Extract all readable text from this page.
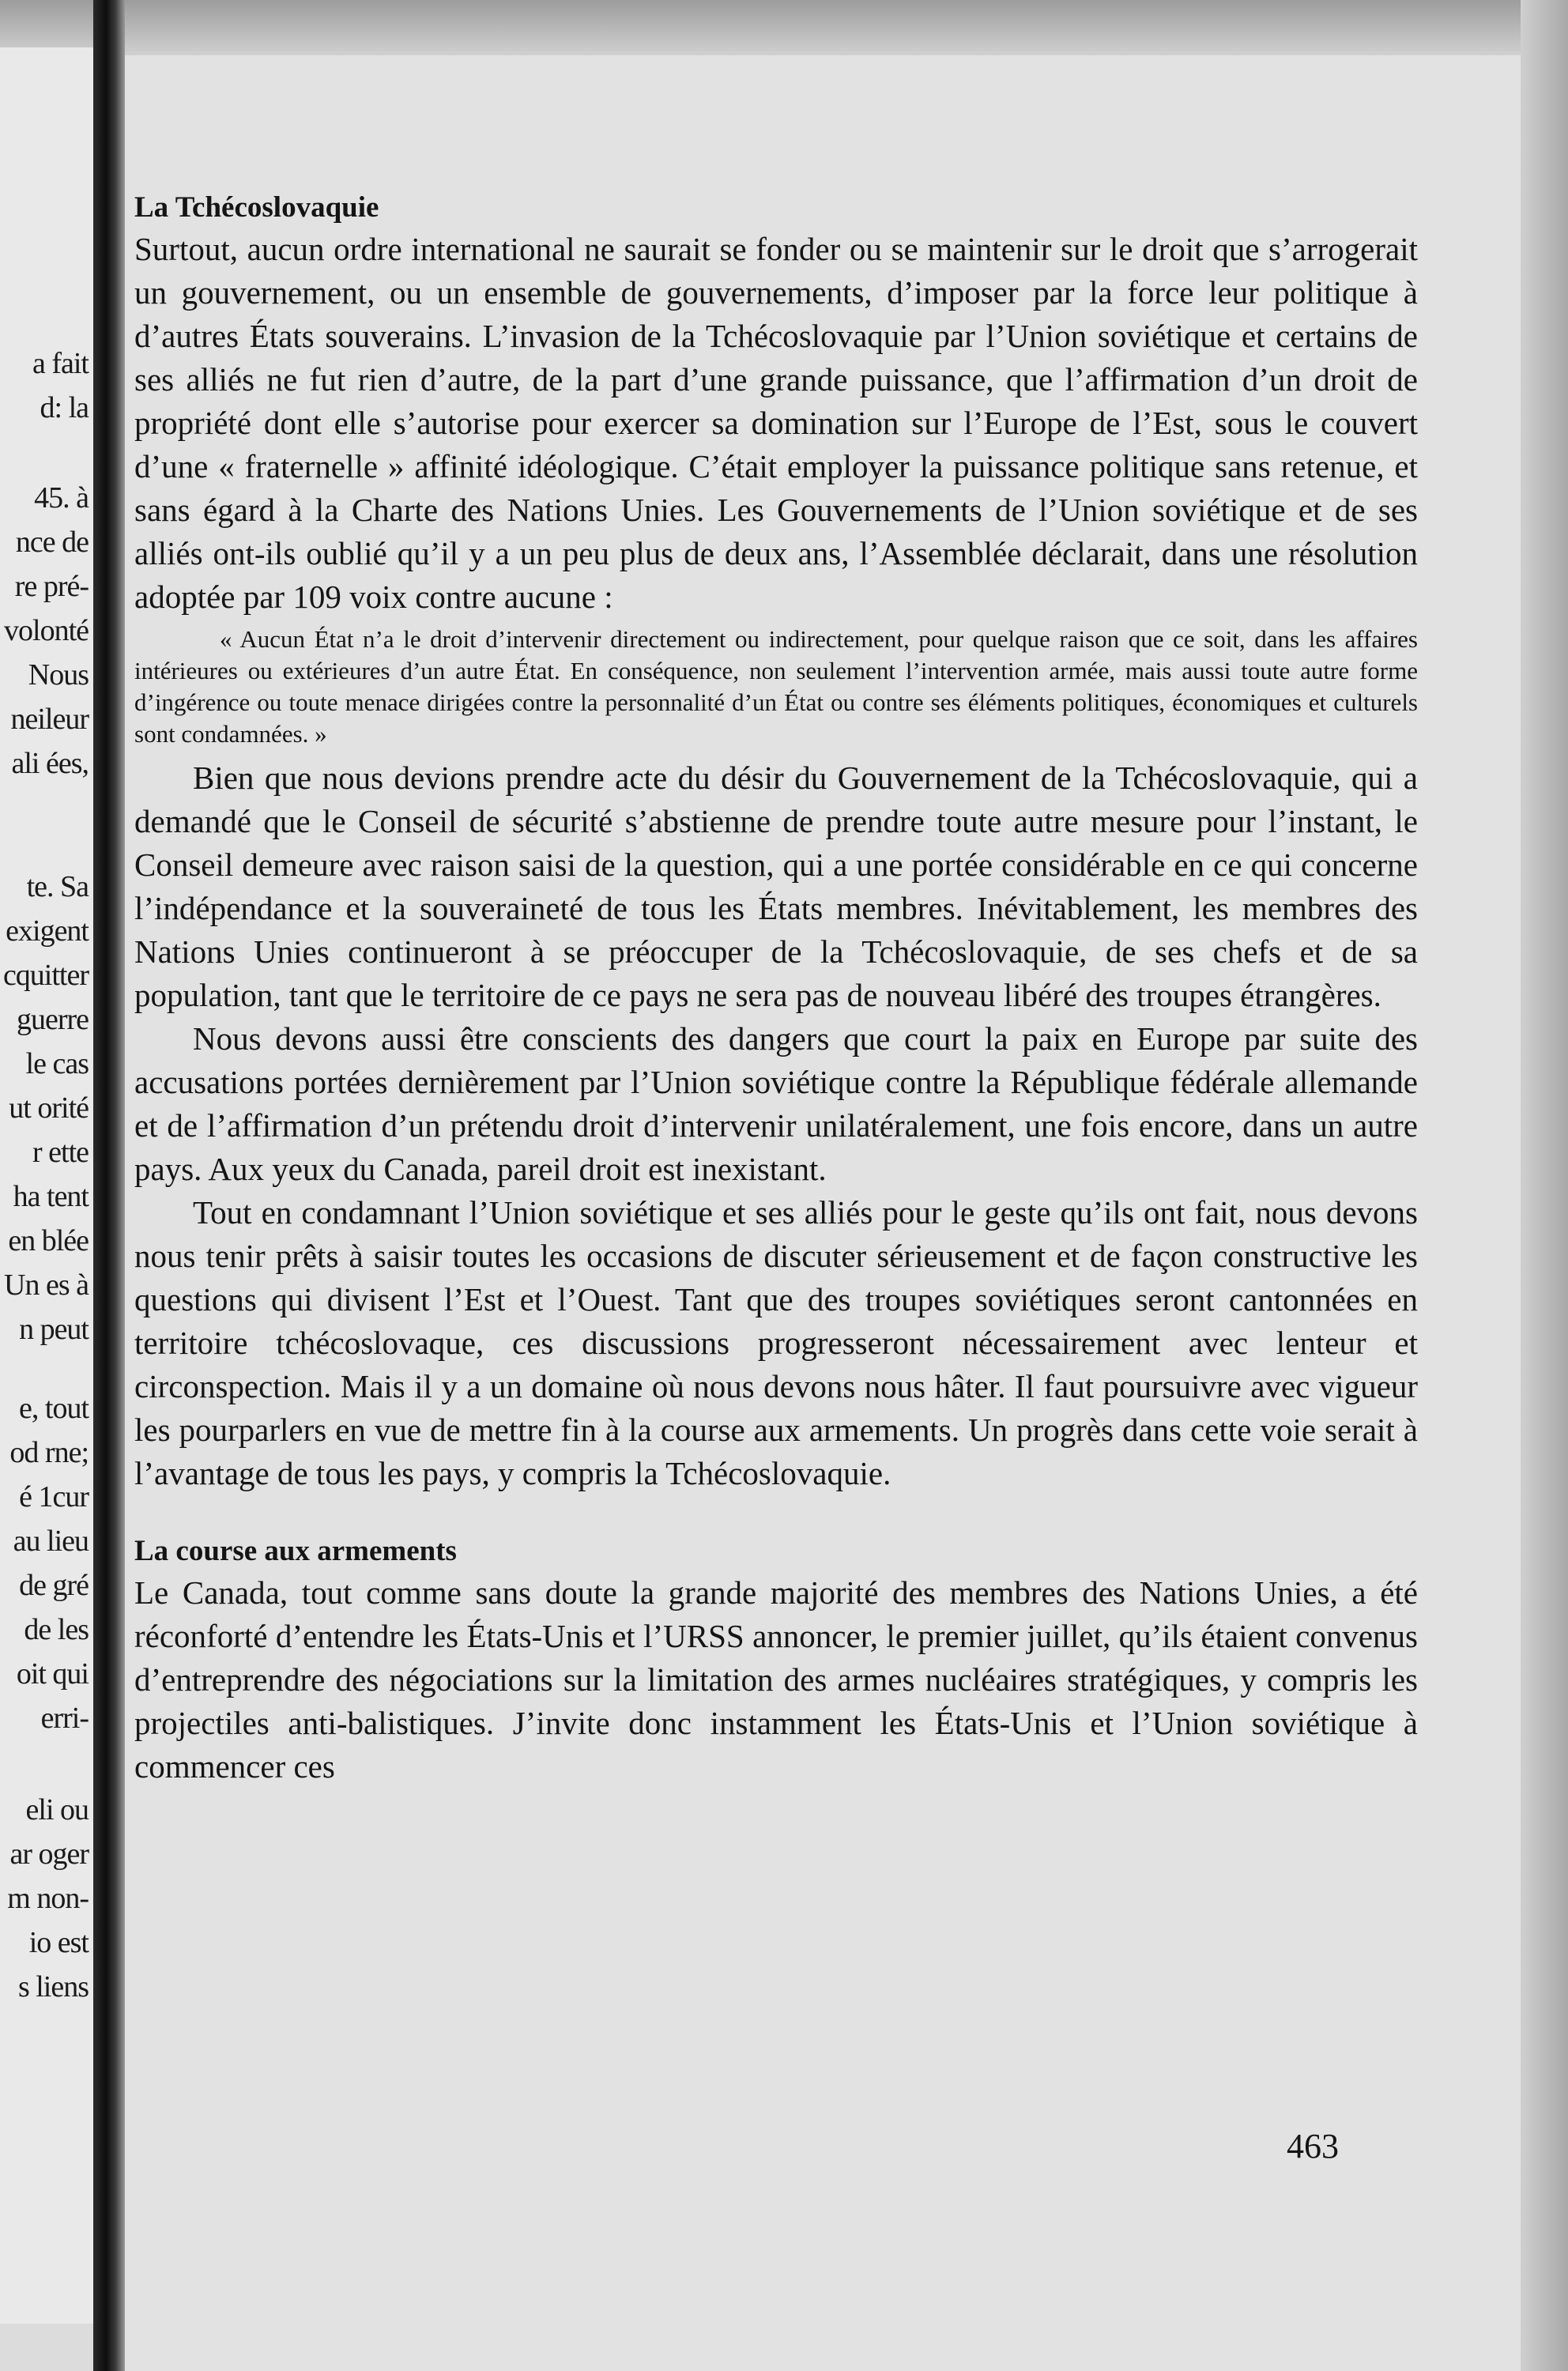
a fait
d: la
45. à
nce de
re pré-
volonté
Nous
neileur
ali ées,
te. Sa
exigent
cquitter
guerre
le cas
ut orité
r ette
ha tent
en blée
Un es à
n peut
e, tout
od rne;
é 1cur
au lieu
de gré
de les
oit qui
erri-
eli ou
ar oger
m non-
io est
s liens

La Tchécoslovaquie

Surtout, aucun ordre international ne saurait se fonder ou se maintenir sur le droit que s’arrogerait un gouvernement, ou un ensemble de gouvernements, d’imposer par la force leur politique à d’autres États souverains. L’invasion de la Tchécoslovaquie par l’Union soviétique et certains de ses alliés ne fut rien d’autre, de la part d’une grande puissance, que l’affirmation d’un droit de propriété dont elle s’autorise pour exercer sa domination sur l’Europe de l’Est, sous le couvert d’une « fraternelle » affinité idéologique. C’était employer la puissance politique sans retenue, et sans égard à la Charte des Nations Unies. Les Gouvernements de l’Union soviétique et de ses alliés ont-ils oublié qu’il y a un peu plus de deux ans, l’Assemblée déclarait, dans une résolution adoptée par 109 voix contre aucune :

« Aucun État n’a le droit d’intervenir directement ou indirectement, pour quelque raison que ce soit, dans les affaires intérieures ou extérieures d’un autre État. En conséquence, non seulement l’intervention armée, mais aussi toute autre forme d’ingérence ou toute menace dirigées contre la personnalité d’un État ou contre ses éléments politiques, économiques et culturels sont condamnées. »

Bien que nous devions prendre acte du désir du Gouvernement de la Tchécoslovaquie, qui a demandé que le Conseil de sécurité s’abstienne de prendre toute autre mesure pour l’instant, le Conseil demeure avec raison saisi de la question, qui a une portée considérable en ce qui concerne l’indépendance et la souveraineté de tous les États membres. Inévitablement, les membres des Nations Unies continueront à se préoccuper de la Tchécoslovaquie, de ses chefs et de sa population, tant que le territoire de ce pays ne sera pas de nouveau libéré des troupes étrangères.

Nous devons aussi être conscients des dangers que court la paix en Europe par suite des accusations portées dernièrement par l’Union soviétique contre la République fédérale allemande et de l’affirmation d’un prétendu droit d’intervenir unilatéralement, une fois encore, dans un autre pays. Aux yeux du Canada, pareil droit est inexistant.

Tout en condamnant l’Union soviétique et ses alliés pour le geste qu’ils ont fait, nous devons nous tenir prêts à saisir toutes les occasions de discuter sérieusement et de façon constructive les questions qui divisent l’Est et l’Ouest. Tant que des troupes soviétiques seront cantonnées en territoire tchécoslovaque, ces discussions progresseront nécessairement avec lenteur et circonspection. Mais il y a un domaine où nous devons nous hâter. Il faut poursuivre avec vigueur les pourparlers en vue de mettre fin à la course aux armements. Un progrès dans cette voie serait à l’avantage de tous les pays, y compris la Tchécoslovaquie.

La course aux armements

Le Canada, tout comme sans doute la grande majorité des membres des Nations Unies, a été réconforté d’entendre les États-Unis et l’URSS annoncer, le premier juillet, qu’ils étaient convenus d’entreprendre des négociations sur la limitation des armes nucléaires stratégiques, y compris les projectiles anti-balistiques. J’invite donc instamment les États-Unis et l’Union soviétique à commencer ces

463
